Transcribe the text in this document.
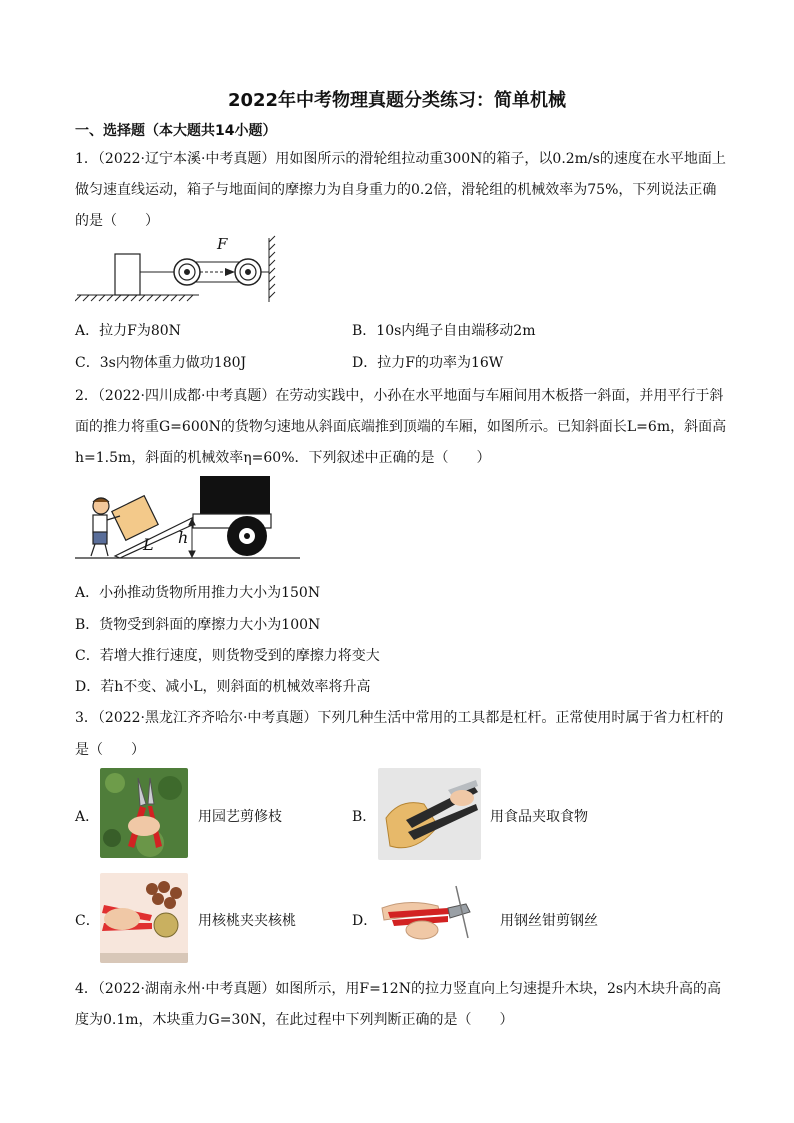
2022年中考物理真题分类练习：简单机械
一、选择题（本大题共14小题）
1．（2022·辽宁本溪·中考真题）用如图所示的滑轮组拉动重300N的箱子，以0.2m/s的速度在水平地面上
做匀速直线运动，箱子与地面间的摩擦力为自身重力的0.2倍，滑轮组的机械效率为75%，下列说法正确
的是（　　）
F
A．拉力F为80N	B．10s内绳子自由端移动2m
C．3s内物体重力做功180J	D．拉力F的功率为16W
2．（2022·四川成都·中考真题）在劳动实践中，小孙在水平地面与车厢间用木板搭一斜面，并用平行于斜
面的推力将重G=600N的货物匀速地从斜面底端推到顶端的车厢，如图所示。已知斜面长L=6m，斜面高
h=1.5m，斜面的机械效率η=60%．下列叙述中正确的是（　　）
L h
A．小孙推动货物所用推力大小为150N
B．货物受到斜面的摩擦力大小为100N
C．若增大推行速度，则货物受到的摩擦力将变大
D．若h不变、减小L，则斜面的机械效率将升高
3．（2022·黑龙江齐齐哈尔·中考真题）下列几种生活中常用的工具都是杠杆。正常使用时属于省力杠杆的
是（　　）
A．	用园艺剪修枝	B．	用食品夹取食物
C．	用核桃夹夹核桃	D．	用钢丝钳剪钢丝
4．（2022·湖南永州·中考真题）如图所示，用F=12N的拉力竖直向上匀速提升木块，2s内木块升高的高
度为0.1m，木块重力G=30N，在此过程中下列判断正确的是（　　）
